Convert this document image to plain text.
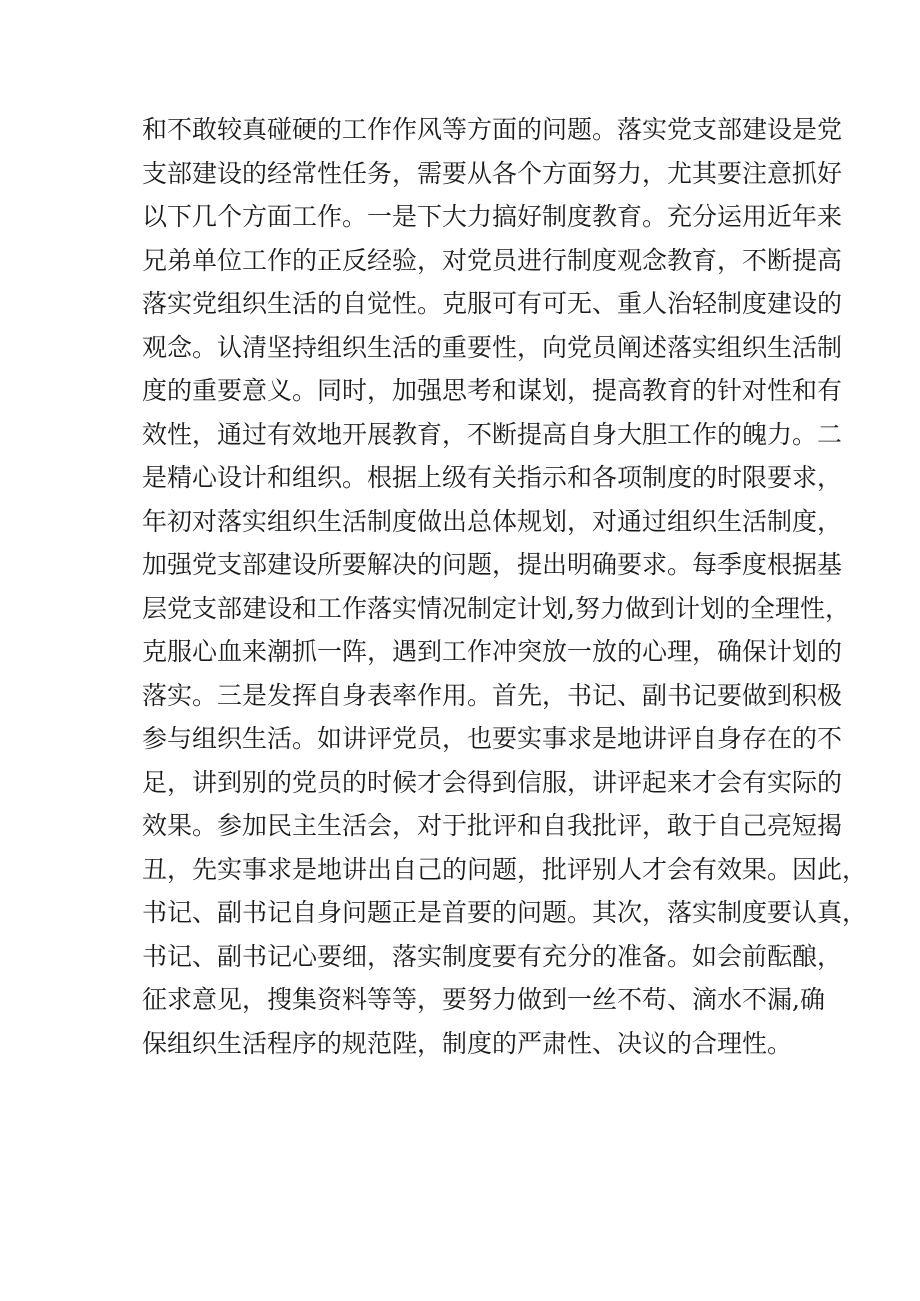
和不敢较真碰硬的工作作风等方面的问题。落实党支部建设是党
支部建设的经常性任务，需要从各个方面努力，尤其要注意抓好
以下几个方面工作。一是下大力搞好制度教育。充分运用近年来
兄弟单位工作的正反经验，对党员进行制度观念教育，不断提高
落实党组织生活的自觉性。克服可有可无、重人治轻制度建设的
观念。认清坚持组织生活的重要性，向党员阐述落实组织生活制
度的重要意义。同时，加强思考和谋划，提高教育的针对性和有
效性，通过有效地开展教育，不断提高自身大胆工作的魄力。二
是精心设计和组织。根据上级有关指示和各项制度的时限要求，
年初对落实组织生活制度做出总体规划，对通过组织生活制度，
加强党支部建设所要解决的问题，提出明确要求。每季度根据基
层党支部建设和工作落实情况制定计划,努力做到计划的全理性，
克服心血来潮抓一阵，遇到工作冲突放一放的心理，确保计划的
落实。三是发挥自身表率作用。首先，书记、副书记要做到积极
参与组织生活。如讲评党员，也要实事求是地讲评自身存在的不
足，讲到别的党员的时候才会得到信服，讲评起来才会有实际的
效果。参加民主生活会，对于批评和自我批评，敢于自己亮短揭
丑，先实事求是地讲出自己的问题，批评别人才会有效果。因此，
书记、副书记自身问题正是首要的问题。其次，落实制度要认真，
书记、副书记心要细，落实制度要有充分的准备。如会前酝酿，
征求意见，搜集资料等等，要努力做到一丝不苟、滴水不漏,确
保组织生活程序的规范陛，制度的严肃性、决议的合理性。
